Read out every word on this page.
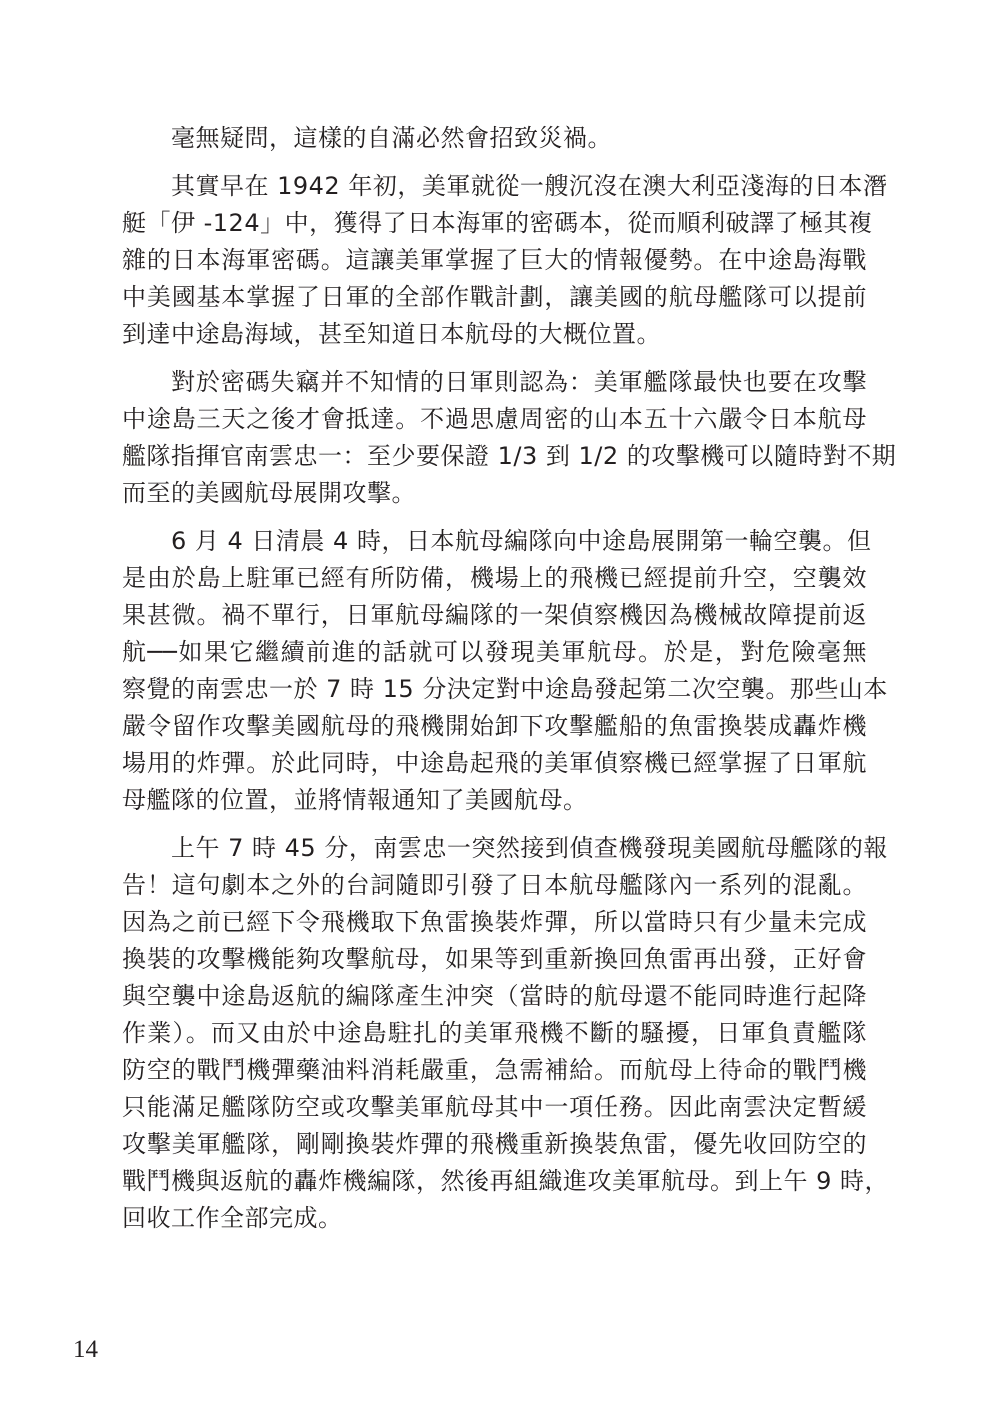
毫無疑問，這樣的自滿必然會招致災禍。
其實早在 1942 年初，美軍就從一艘沉沒在澳大利亞淺海的日本潛
艇「伊 -124」中，獲得了日本海軍的密碼本，從而順利破譯了極其複
雜的日本海軍密碼。這讓美軍掌握了巨大的情報優勢。在中途島海戰
中美國基本掌握了日軍的全部作戰計劃，讓美國的航母艦隊可以提前
到達中途島海域，甚至知道日本航母的大概位置。
對於密碼失竊并不知情的日軍則認為：美軍艦隊最快也要在攻擊
中途島三天之後才會抵達。不過思慮周密的山本五十六嚴令日本航母
艦隊指揮官南雲忠一：至少要保證 1/3 到 1/2 的攻擊機可以隨時對不期
而至的美國航母展開攻擊。
6 月 4 日清晨 4 時，日本航母編隊向中途島展開第一輪空襲。但
是由於島上駐軍已經有所防備，機場上的飛機已經提前升空，空襲效
果甚微。禍不單行，日軍航母編隊的一架偵察機因為機械故障提前返
航──如果它繼續前進的話就可以發現美軍航母。於是，對危險毫無
察覺的南雲忠一於 7 時 15 分決定對中途島發起第二次空襲。那些山本
嚴令留作攻擊美國航母的飛機開始卸下攻擊艦船的魚雷換裝成轟炸機
場用的炸彈。於此同時，中途島起飛的美軍偵察機已經掌握了日軍航
母艦隊的位置，並將情報通知了美國航母。
上午 7 時 45 分，南雲忠一突然接到偵查機發現美國航母艦隊的報
告！這句劇本之外的台詞隨即引發了日本航母艦隊內一系列的混亂。
因為之前已經下令飛機取下魚雷換裝炸彈，所以當時只有少量未完成
換裝的攻擊機能夠攻擊航母，如果等到重新換回魚雷再出發，正好會
與空襲中途島返航的編隊產生沖突（當時的航母還不能同時進行起降
作業）。而又由於中途島駐扎的美軍飛機不斷的騷擾，日軍負責艦隊
防空的戰鬥機彈藥油料消耗嚴重，急需補給。而航母上待命的戰鬥機
只能滿足艦隊防空或攻擊美軍航母其中一項任務。因此南雲決定暫緩
攻擊美軍艦隊，剛剛換裝炸彈的飛機重新換裝魚雷，優先收回防空的
戰鬥機與返航的轟炸機編隊，然後再組織進攻美軍航母。到上午 9 時，
回收工作全部完成。
14
